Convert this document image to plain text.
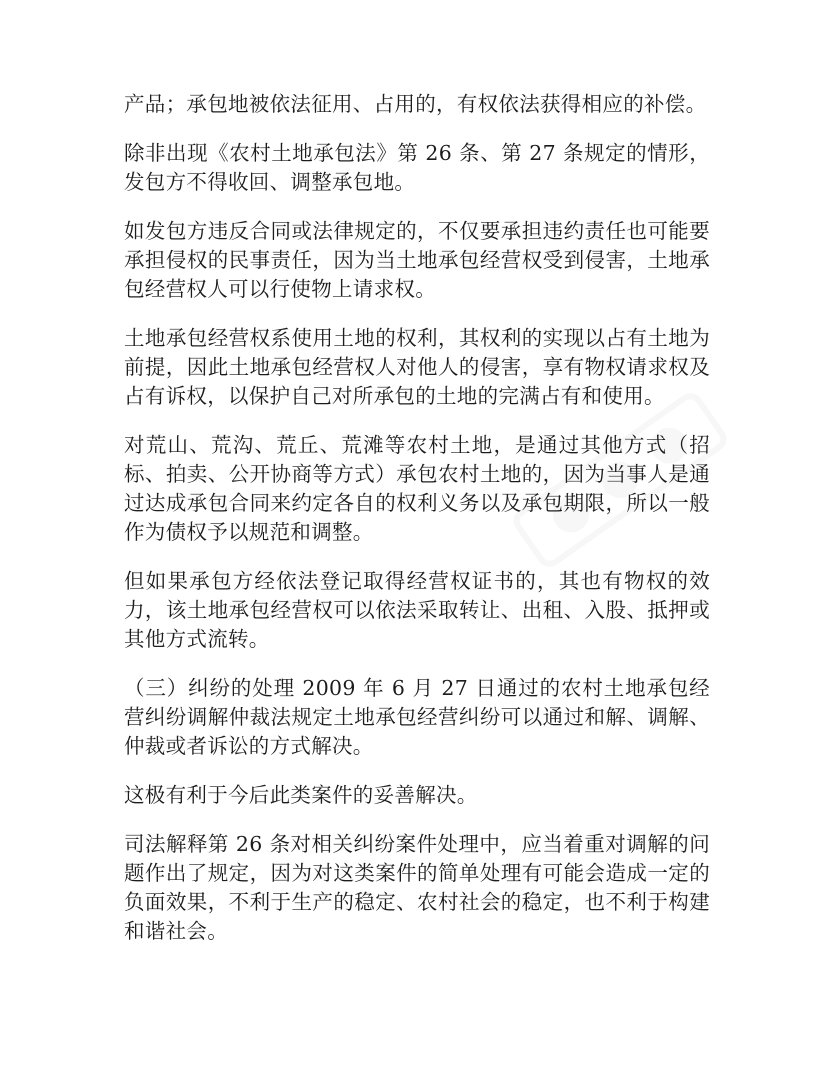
产品；承包地被依法征用、占用的，有权依法获得相应的补偿。

除非出现《农村土地承包法》第 26 条、第 27 条规定的情形，发包方不得收回、调整承包地。

如发包方违反合同或法律规定的，不仅要承担违约责任也可能要承担侵权的民事责任，因为当土地承包经营权受到侵害，土地承包经营权人可以行使物上请求权。

土地承包经营权系使用土地的权利，其权利的实现以占有土地为前提，因此土地承包经营权人对他人的侵害，享有物权请求权及占有诉权，以保护自己对所承包的土地的完满占有和使用。

对荒山、荒沟、荒丘、荒滩等农村土地，是通过其他方式（招标、拍卖、公开协商等方式）承包农村土地的，因为当事人是通过达成承包合同来约定各自的权利义务以及承包期限，所以一般作为债权予以规范和调整。

但如果承包方经依法登记取得经营权证书的，其也有物权的效力，该土地承包经营权可以依法采取转让、出租、入股、抵押或其他方式流转。

（三）纠纷的处理 2009 年 6 月 27 日通过的农村土地承包经营纠纷调解仲裁法规定土地承包经营纠纷可以通过和解、调解、仲裁或者诉讼的方式解决。

这极有利于今后此类案件的妥善解决。

司法解释第 26 条对相关纠纷案件处理中，应当着重对调解的问题作出了规定，因为对这类案件的简单处理有可能会造成一定的负面效果，不利于生产的稳定、农村社会的稳定，也不利于构建和谐社会。
